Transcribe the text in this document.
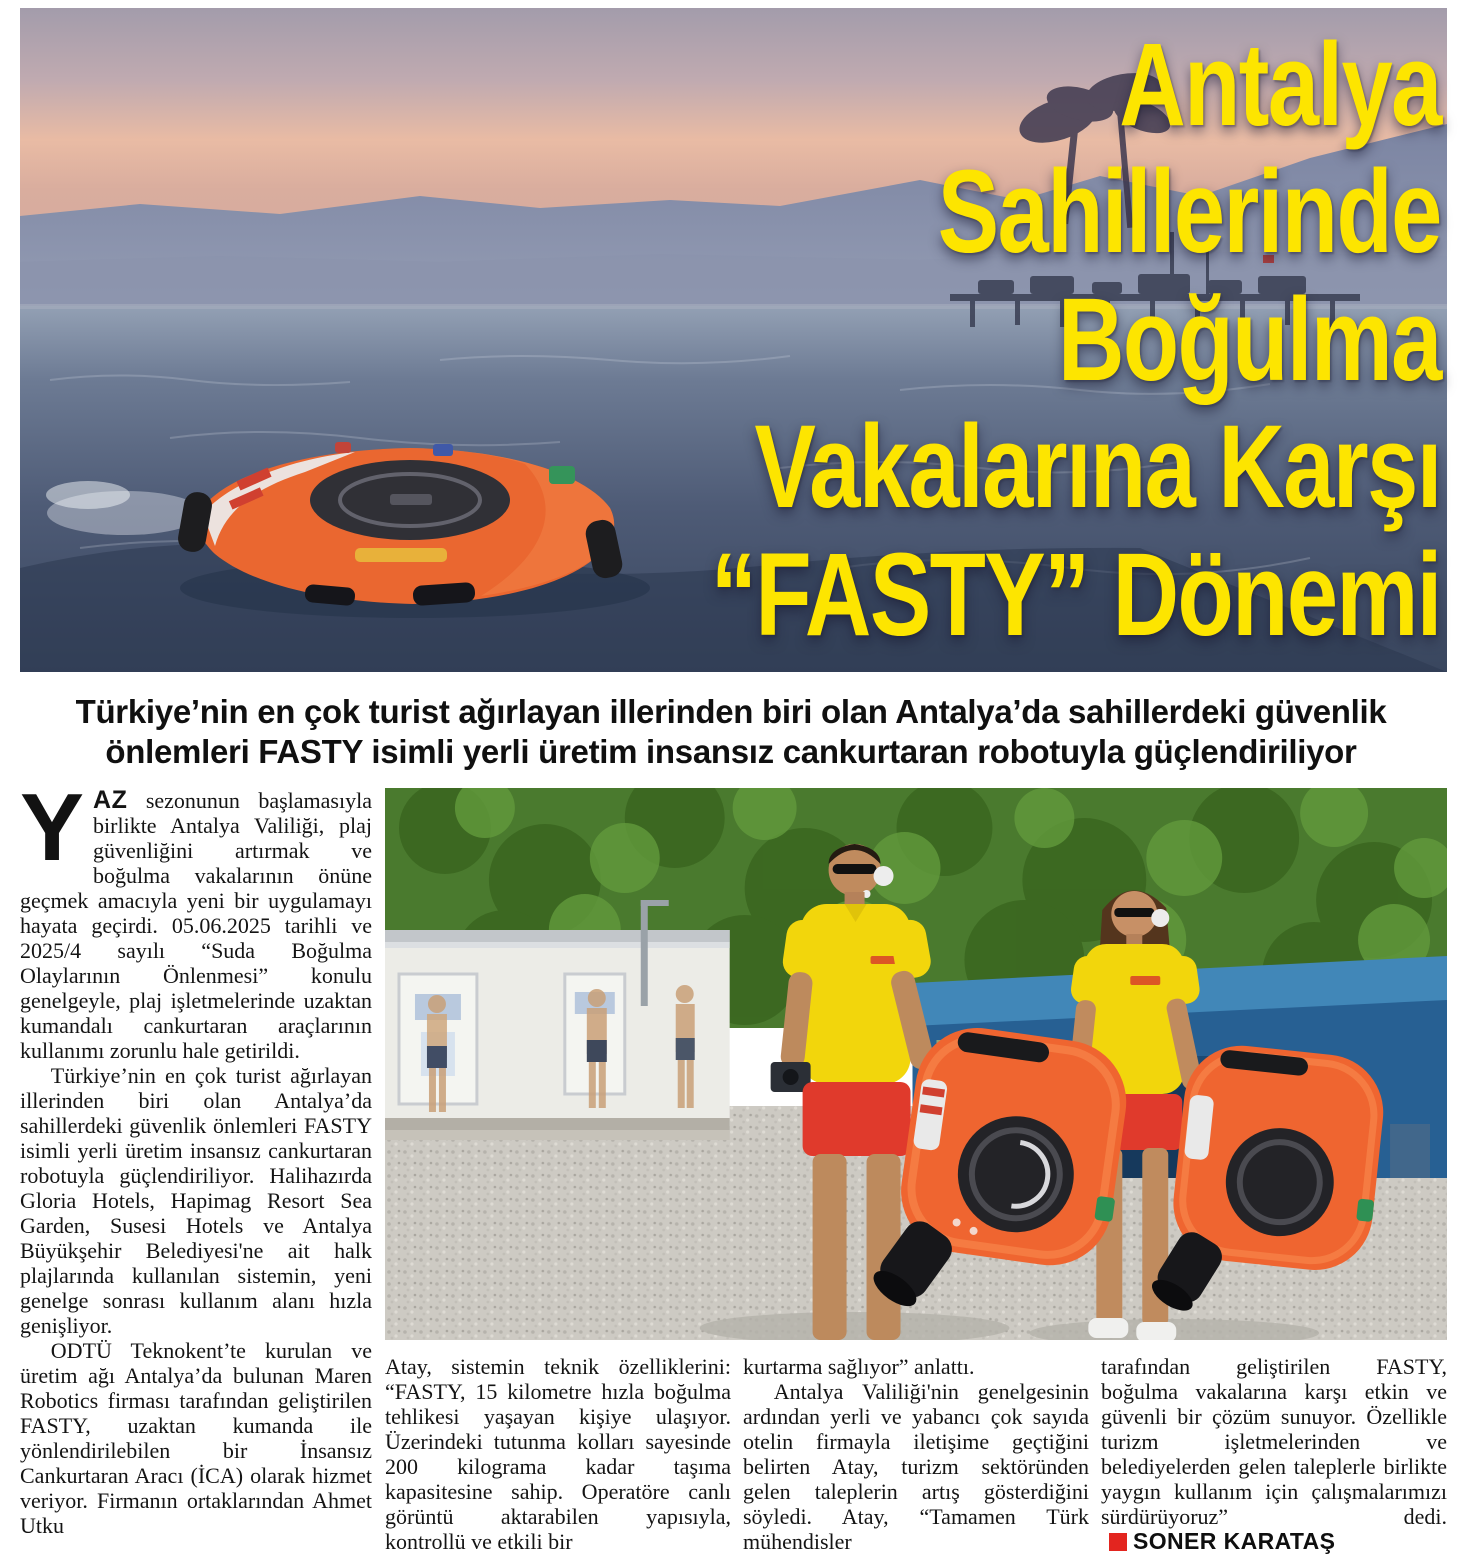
Antalya
Sahillerinde
Boğulma
Vakalarına Karşı
“FASTY” Dönemi
Türkiye’nin en çok turist ağırlayan illerinden biri olan Antalya’da sahillerdeki güvenlik önlemleri FASTY isimli yerli üretim insansız cankurtaran robotuyla güçlendiriliyor

YAZ sezonunun başlamasıyla birlikte Antalya Valiliği, plaj güvenliğini artırmak ve boğulma vakalarının önüne geçmek amacıyla yeni bir uygulamayı hayata geçirdi. 05.06.2025 tarihli ve 2025/4 sayılı “Suda Boğulma Olaylarının Önlenmesi” konulu genelgeyle, plaj işletmelerinde uzaktan kumandalı cankurtaran araçlarının kullanımı zorunlu hale getirildi.

Türkiye’nin en çok turist ağırlayan illerinden biri olan Antalya’da sahillerdeki güvenlik önlemleri FASTY isimli yerli üretim insansız cankurtaran robotuyla güçlendiriliyor. Halihazırda Gloria Hotels, Hapimag Resort Sea Garden, Susesi Hotels ve Antalya Büyükşehir Belediyesi'ne ait halk plajlarında kullanılan sistemin, yeni genelge sonrası kullanım alanı hızla genişliyor.

ODTÜ Teknokent’te kurulan ve üretim ağı Antalya’da bulunan Maren Robotics firması tarafından geliştirilen FASTY, uzaktan kumanda ile yönlendirilebilen bir İnsansız Cankurtaran Aracı (İCA) olarak hizmet veriyor. Firmanın ortaklarından Ahmet Utku

Atay, sistemin teknik özelliklerini: “FASTY, 15 kilometre hızla boğulma tehlikesi yaşayan kişiye ulaşıyor. Üzerindeki tutunma kolları sayesinde 200 kilograma kadar taşıma kapasitesine sahip. Operatöre canlı görüntü aktarabilen yapısıyla, kontrollü ve etkili bir

kurtarma sağlıyor” anlattı.

Antalya Valiliği'nin genelgesinin ardından yerli ve yabancı çok sayıda otelin firmayla iletişime geçtiğini belirten Atay, turizm sektöründen gelen taleplerin artış gösterdiğini söyledi. Atay, “Tamamen Türk mühendisler

tarafından geliştirilen FASTY, boğulma vakalarına karşı etkin ve güvenli bir çözüm sunuyor. Özellikle turizm işletmelerinden ve belediyelerden gelen taleplerle birlikte yaygın kullanım için çalışmalarımızı sürdürüyoruz” dedi.SONER KARATAŞ
